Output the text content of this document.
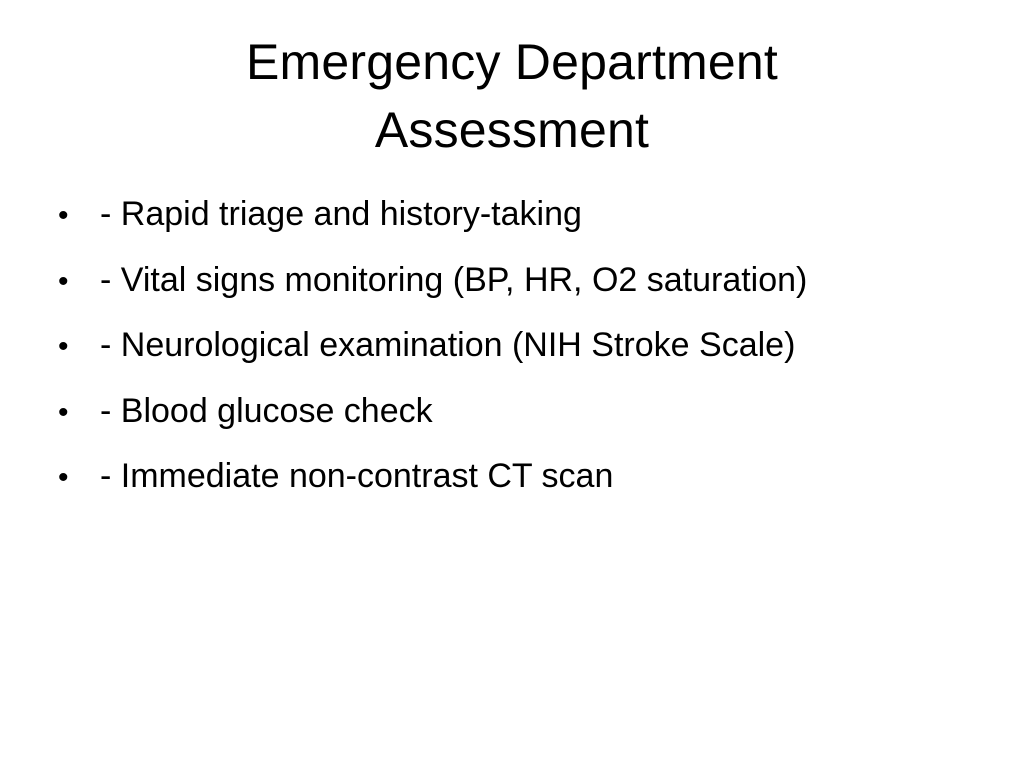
Emergency Department
Assessment
• - Rapid triage and history-taking
• - Vital signs monitoring (BP, HR, O2 saturation)
• - Neurological examination (NIH Stroke Scale)
• - Blood glucose check
• - Immediate non-contrast CT scan
